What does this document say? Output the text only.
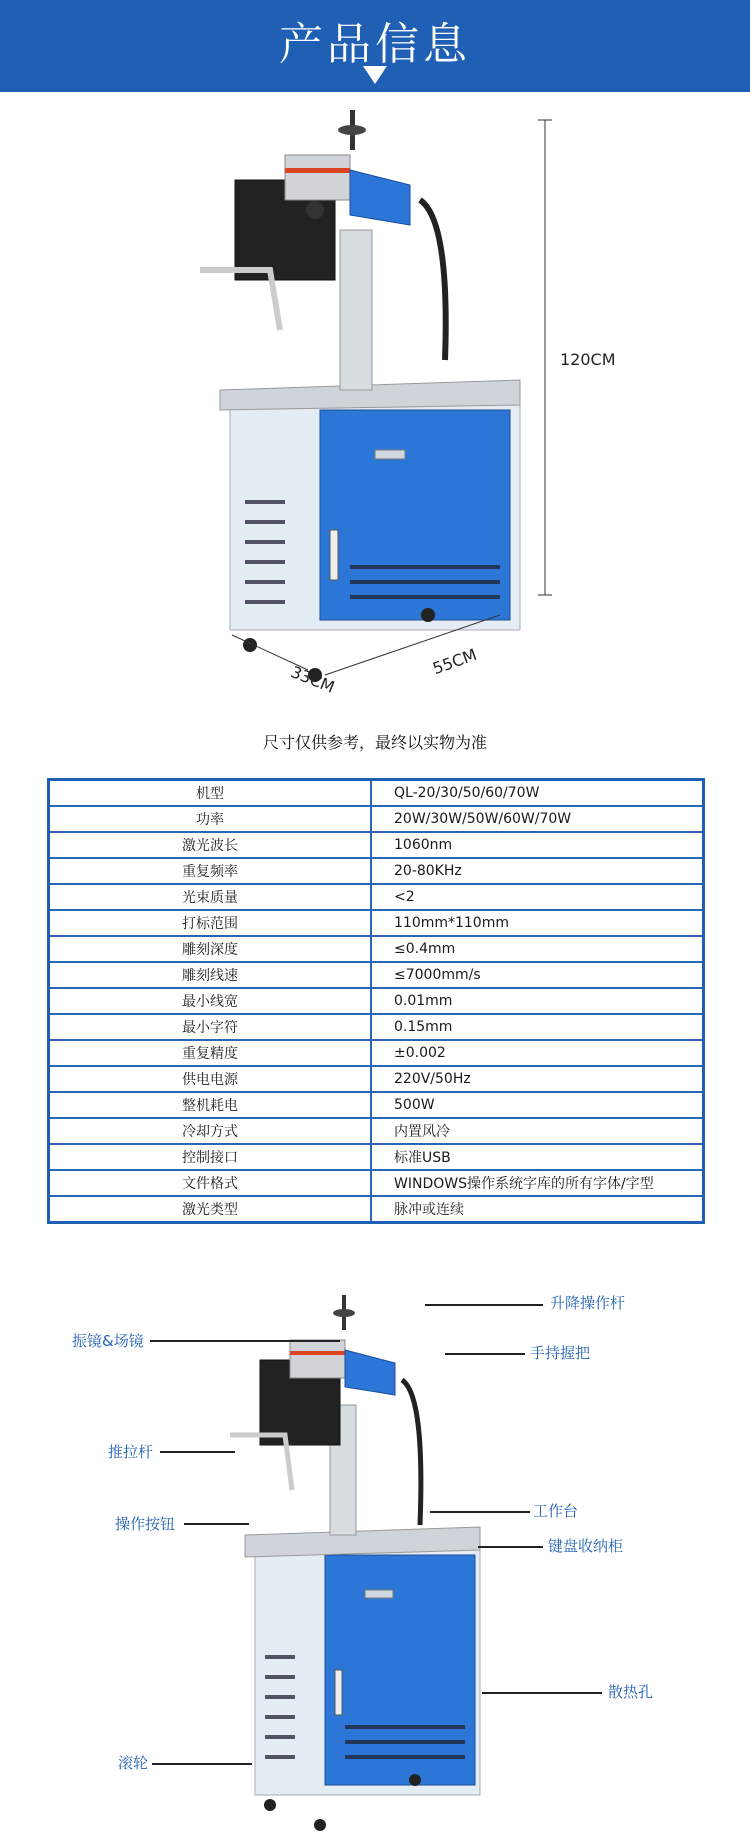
产品信息
120CM
33CM
55CM
尺寸仅供参考，最终以实物为准
机型	QL-20/30/50/60/70W
功率	20W/30W/50W/60W/70W
激光波长	1060nm
重复频率	20-80KHz
光束质量	<2
打标范围	110mm*110mm
雕刻深度	≤0.4mm
雕刻线速	≤7000mm/s
最小线宽	0.01mm
最小字符	0.15mm
重复精度	±0.002
供电电源	220V/50Hz
整机耗电	500W
冷却方式	内置风冷
控制接口	标准USB
文件格式	WINDOWS操作系统字库的所有字体/字型
激光类型	脉冲或连续
升降操作杆
振镜&场镜
手持握把
推拉杆
操作按钮
工作台
键盘收纳柜
散热孔
滚轮
